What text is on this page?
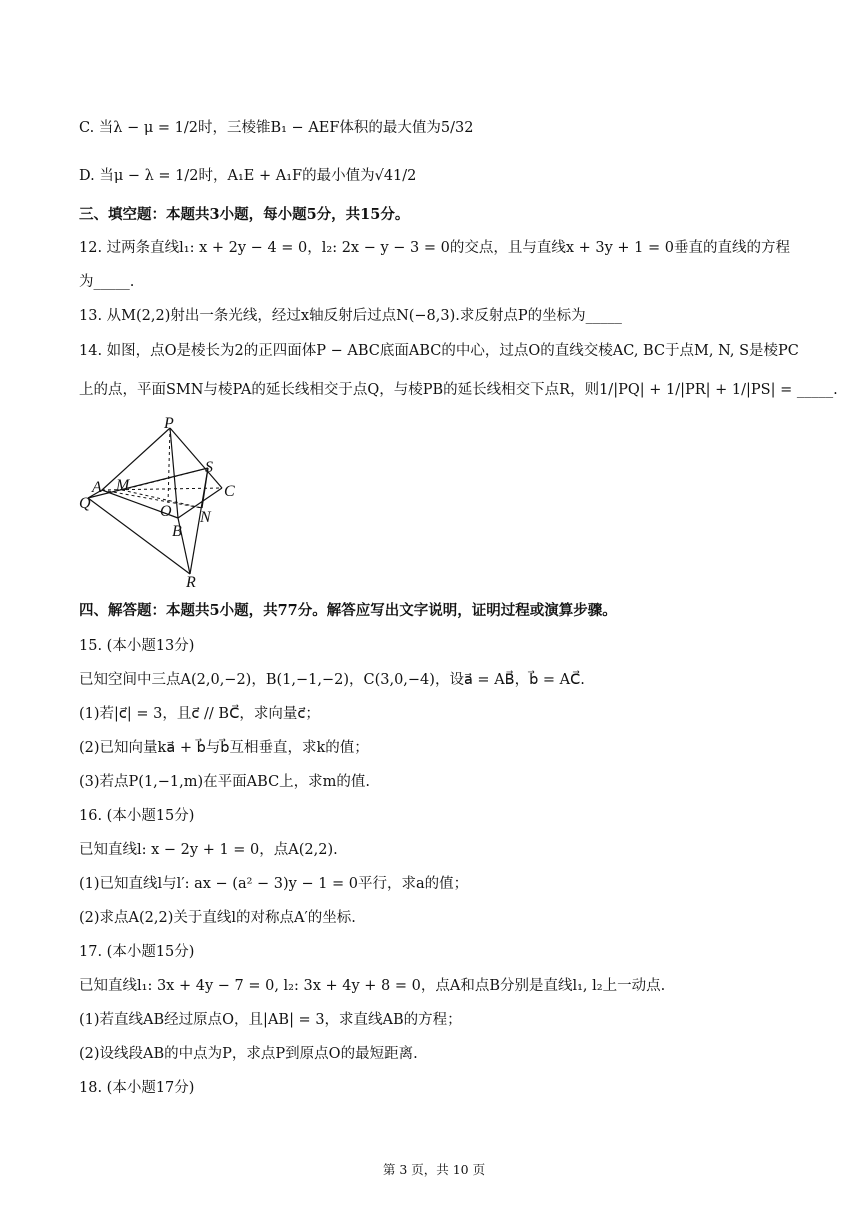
C. 当λ − μ = 1/2时，三棱锥B₁ − AEF体积的最大值为5/32
D. 当μ − λ = 1/2时，A₁E + A₁F的最小值为√41/2
三、填空题：本题共3小题，每小题5分，共15分。
12. 过两条直线l₁: x + 2y − 4 = 0，l₂: 2x − y − 3 = 0的交点，且与直线x + 3y + 1 = 0垂直的直线的方程
为_____.
13. 从M(2,2)射出一条光线，经过x轴反射后过点N(−8,3).求反射点P的坐标为_____
14. 如图，点O是棱长为2的正四面体P − ABC底面ABC的中心，过点O的直线交棱AC, BC于点M, N, S是棱PC
上的点，平面SMN与棱PA的延长线相交于点Q，与棱PB的延长线相交下点R，则1/|PQ| + 1/|PR| + 1/|PS| = _____.
P
S
A M	C
Q	O N
B
R
四、解答题：本题共5小题，共77分。解答应写出文字说明，证明过程或演算步骤。
15. (本小题13分)
已知空间中三点A(2,0,−2)，B(1,−1,−2)，C(3,0,−4)，设a⃗ = AB⃗，b⃗ = AC⃗.
(1)若|c⃗| = 3，且c⃗ // BC⃗，求向量c⃗；
(2)已知向量ka⃗ + b⃗与b⃗互相垂直，求k的值；
(3)若点P(1,−1,m)在平面ABC上，求m的值.
16. (本小题15分)
已知直线l: x − 2y + 1 = 0，点A(2,2).
(1)已知直线l与l′: ax − (a² − 3)y − 1 = 0平行，求a的值；
(2)求点A(2,2)关于直线l的对称点A′的坐标.
17. (本小题15分)
已知直线l₁: 3x + 4y − 7 = 0, l₂: 3x + 4y + 8 = 0，点A和点B分别是直线l₁, l₂上一动点.
(1)若直线AB经过原点O，且|AB| = 3，求直线AB的方程；
(2)设线段AB的中点为P，求点P到原点O的最短距离.
18. (本小题17分)
第 3 页，共 10 页
